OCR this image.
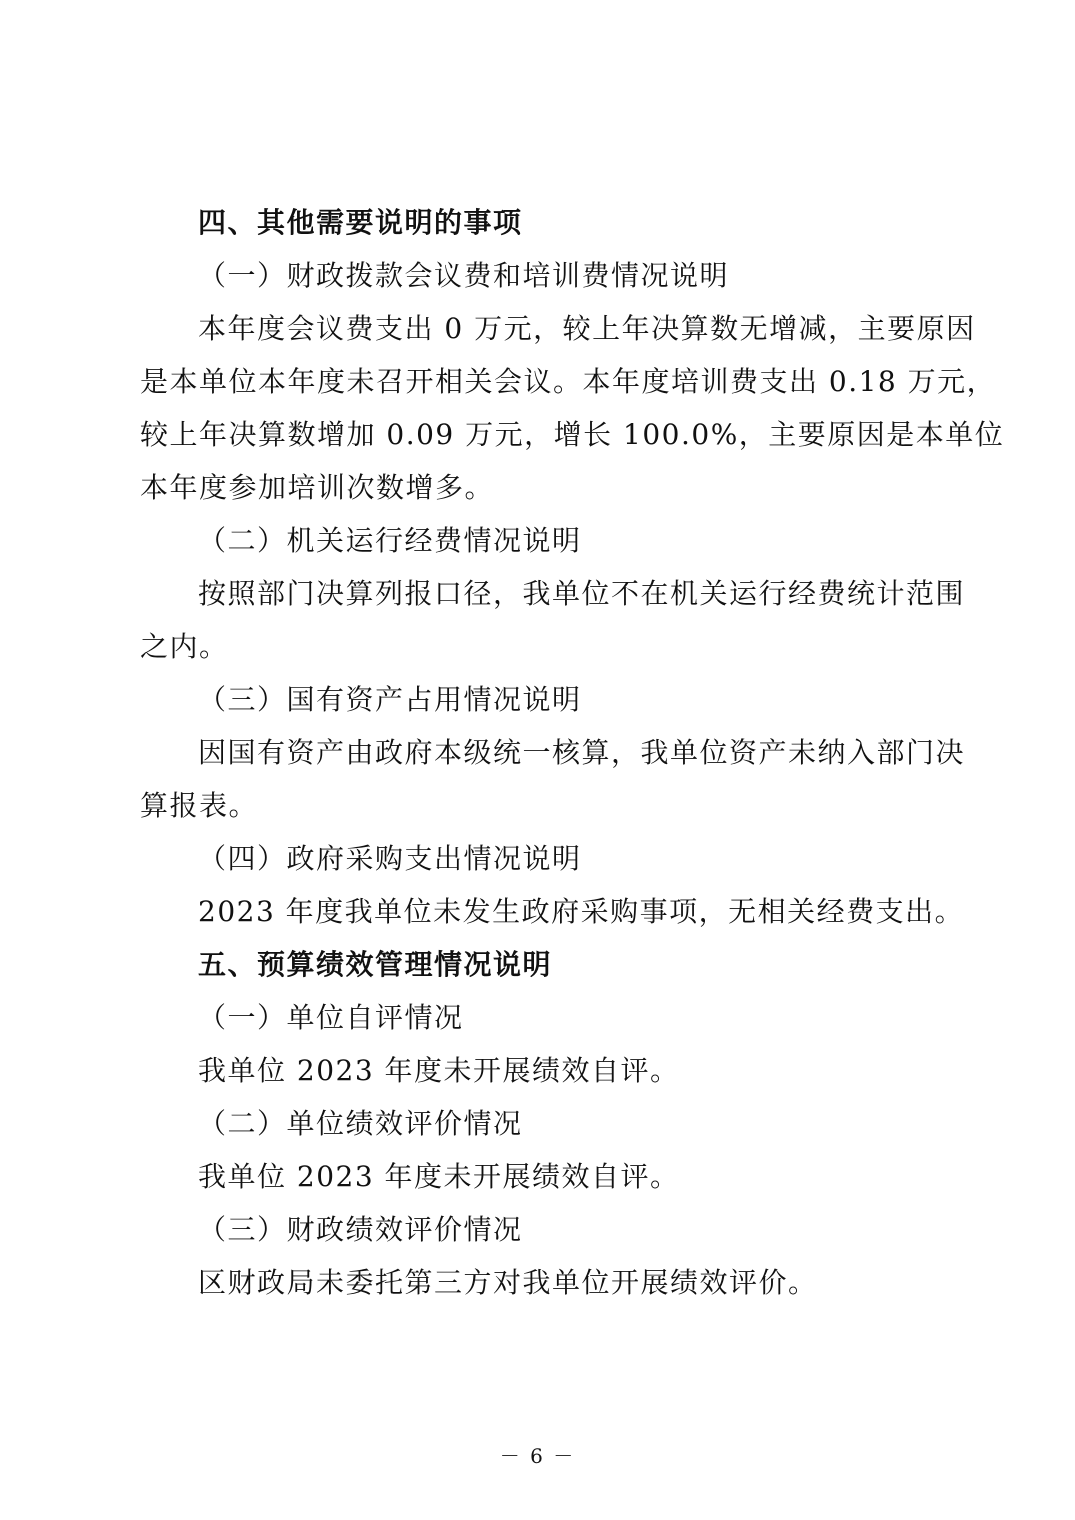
四、其他需要说明的事项
（一）财政拨款会议费和培训费情况说明
本年度会议费支出 0 万元，较上年决算数无增减，主要原因
是本单位本年度未召开相关会议。本年度培训费支出 0.18 万元，
较上年决算数增加 0.09 万元，增长 100.0%，主要原因是本单位
本年度参加培训次数增多。
（二）机关运行经费情况说明
按照部门决算列报口径，我单位不在机关运行经费统计范围
之内。
（三）国有资产占用情况说明
因国有资产由政府本级统一核算，我单位资产未纳入部门决
算报表。
（四）政府采购支出情况说明
2023 年度我单位未发生政府采购事项，无相关经费支出。
五、预算绩效管理情况说明
（一）单位自评情况
我单位 2023 年度未开展绩效自评。
（二）单位绩效评价情况
我单位 2023 年度未开展绩效自评。
（三）财政绩效评价情况
区财政局未委托第三方对我单位开展绩效评价。
－ 6 －
